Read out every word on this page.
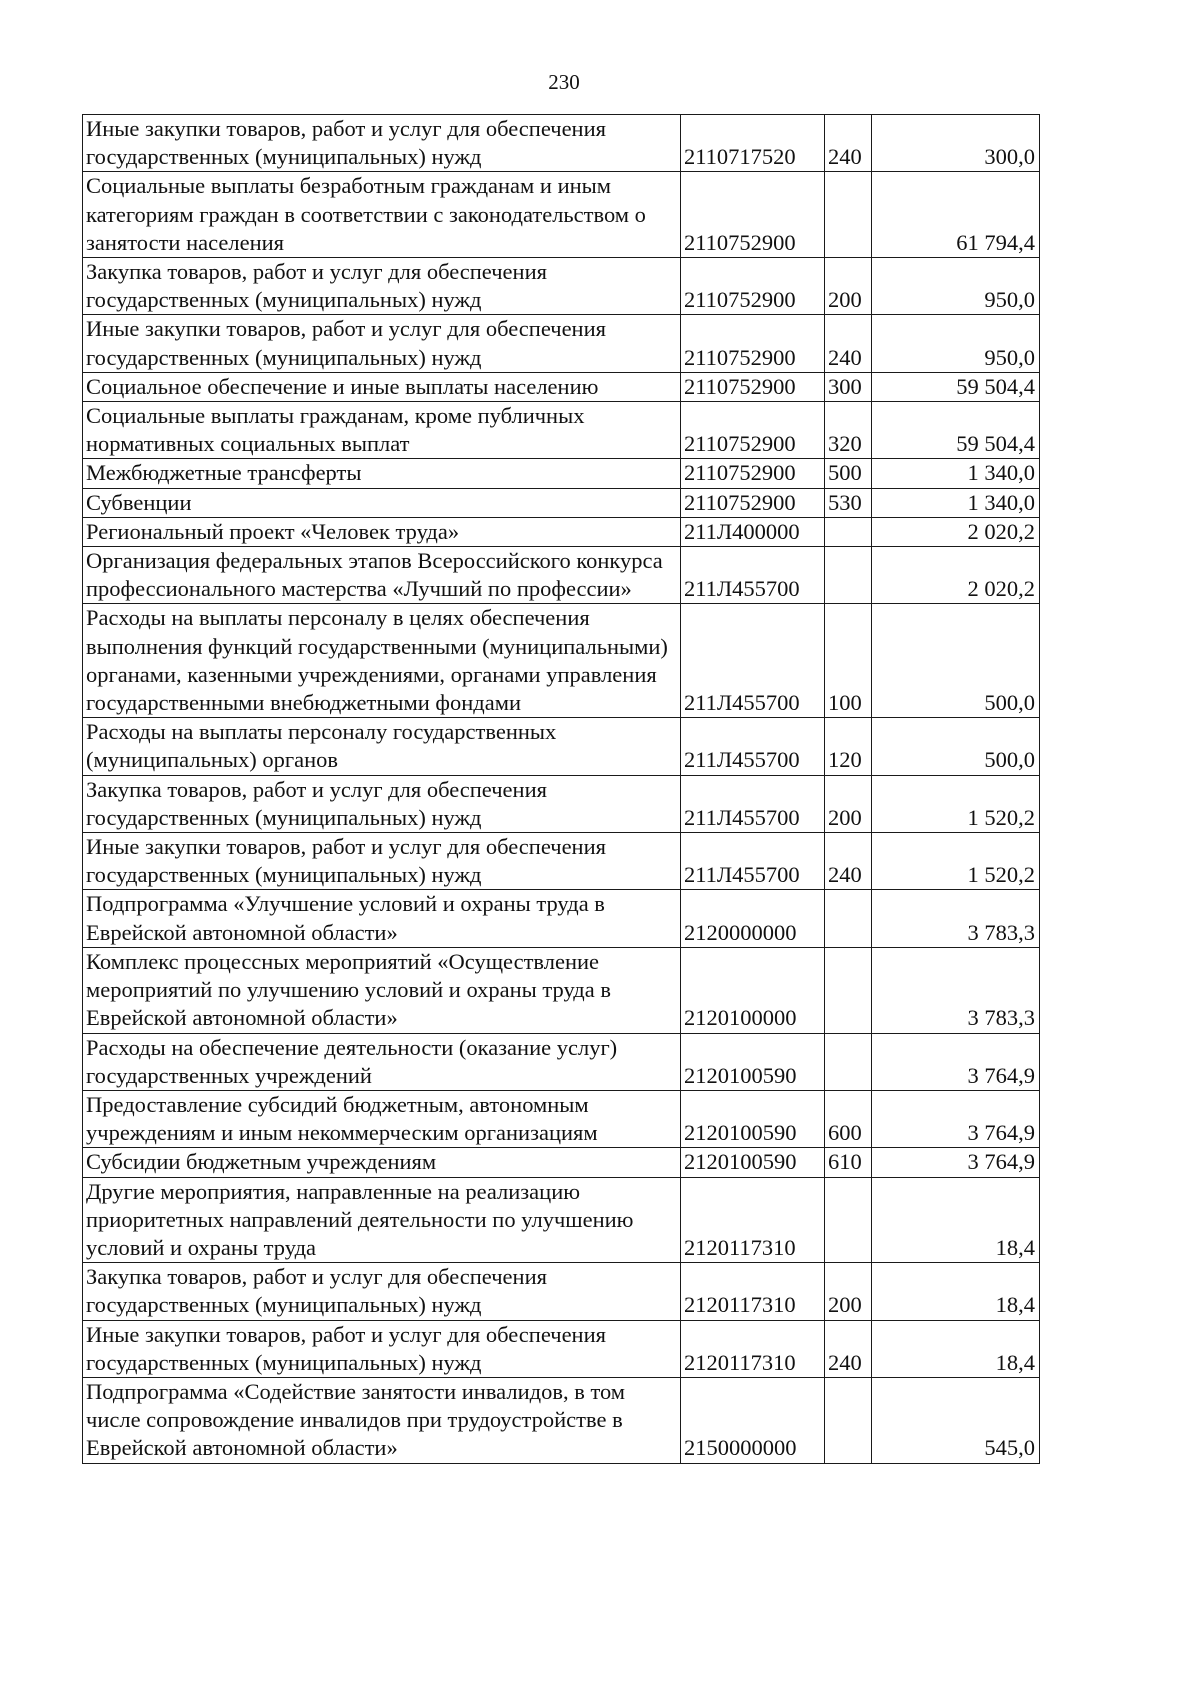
230
Иные закупки товаров, работ и услуг для обеспечения государственных (муниципальных) нужд	2110717520	240	300,0
Социальные выплаты безработным гражданам и иным категориям граждан в соответствии с законодательством о занятости населения	2110752900		61 794,4
Закупка товаров, работ и услуг для обеспечения государственных (муниципальных) нужд	2110752900	200	950,0
Иные закупки товаров, работ и услуг для обеспечения государственных (муниципальных) нужд	2110752900	240	950,0
Социальное обеспечение и иные выплаты населению	2110752900	300	59 504,4
Социальные выплаты гражданам, кроме публичных нормативных социальных выплат	2110752900	320	59 504,4
Межбюджетные трансферты	2110752900	500	1 340,0
Субвенции	2110752900	530	1 340,0
Региональный проект «Человек труда»	211Л400000		2 020,2
Организация федеральных этапов Всероссийского конкурса профессионального мастерства «Лучший по профессии»	211Л455700		2 020,2
Расходы на выплаты персоналу в целях обеспечения выполнения функций государственными (муниципальными) органами, казенными учреждениями, органами управления государственными внебюджетными фондами	211Л455700	100	500,0
Расходы на выплаты персоналу государственных (муниципальных) органов	211Л455700	120	500,0
Закупка товаров, работ и услуг для обеспечения государственных (муниципальных) нужд	211Л455700	200	1 520,2
Иные закупки товаров, работ и услуг для обеспечения государственных (муниципальных) нужд	211Л455700	240	1 520,2
Подпрограмма «Улучшение условий и охраны труда в Еврейской автономной области»	2120000000		3 783,3
Комплекс процессных мероприятий «Осуществление мероприятий по улучшению условий и охраны труда в Еврейской автономной области»	2120100000		3 783,3
Расходы на обеспечение деятельности (оказание услуг) государственных учреждений	2120100590		3 764,9
Предоставление субсидий бюджетным, автономным учреждениям и иным некоммерческим организациям	2120100590	600	3 764,9
Субсидии бюджетным учреждениям	2120100590	610	3 764,9
Другие мероприятия, направленные на реализацию приоритетных направлений деятельности по улучшению условий и охраны труда	2120117310		18,4
Закупка товаров, работ и услуг для обеспечения государственных (муниципальных) нужд	2120117310	200	18,4
Иные закупки товаров, работ и услуг для обеспечения государственных (муниципальных) нужд	2120117310	240	18,4
Подпрограмма «Содействие занятости инвалидов, в том числе сопровождение инвалидов при трудоустройстве в Еврейской автономной области»	2150000000		545,0
